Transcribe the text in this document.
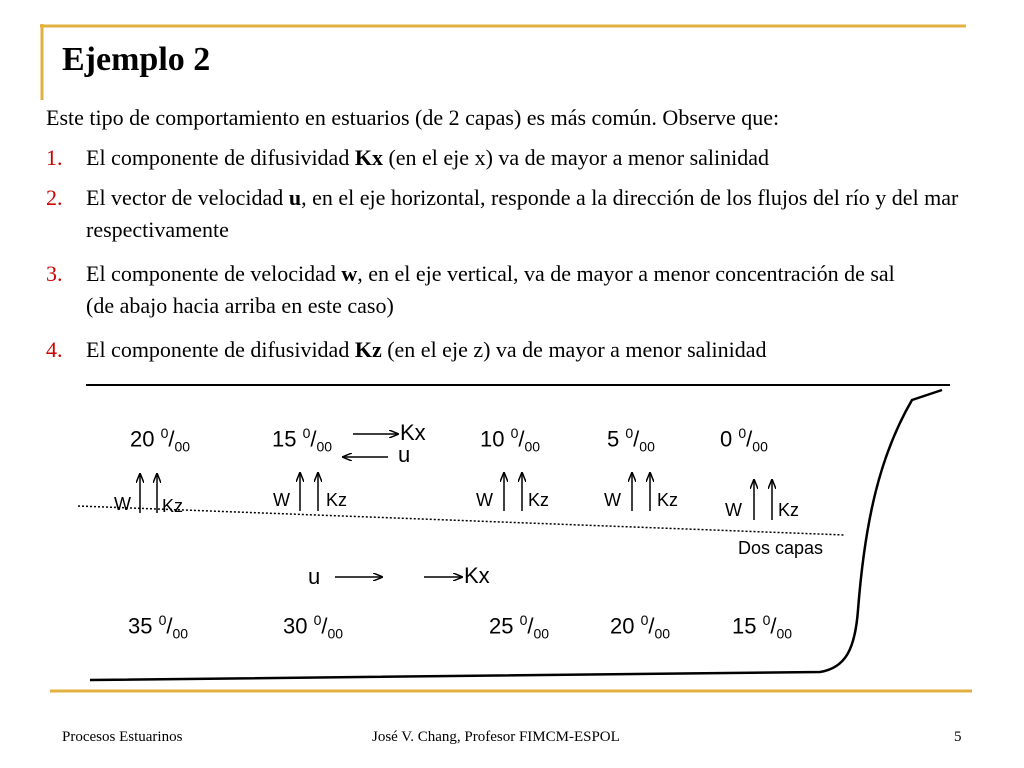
Ejemplo 2
Este tipo de comportamiento en estuarios (de 2 capas) es más común. Observe que:
1. El componente de difusividad Kx (en el eje x) va de mayor a menor salinidad
2. El vector de velocidad u, en el eje horizontal, responde a la dirección de los flujos del río y del mar respectivamente
3. El componente de velocidad w, en el eje vertical, va de mayor a menor concentración de sal (de abajo hacia arriba en este caso)
4. El componente de difusividad Kz (en el eje z) va de mayor a menor salinidad
20 $^0/_{00}$	15 $^0/_{00}$	10 $^0/_{00}$	5 $^0/_{00}$	0 $^0/_{00}$
Kx
u
W Kz	W Kz	W Kz	W Kz	W Kz
Dos capas
u	Kx
35 $^0/_{00}$	30 $^0/_{00}$	25 $^0/_{00}$	20 $^0/_{00}$	15 $^0/_{00}$
Procesos Estuarinos	José V. Chang, Profesor FIMCM-ESPOL	5
